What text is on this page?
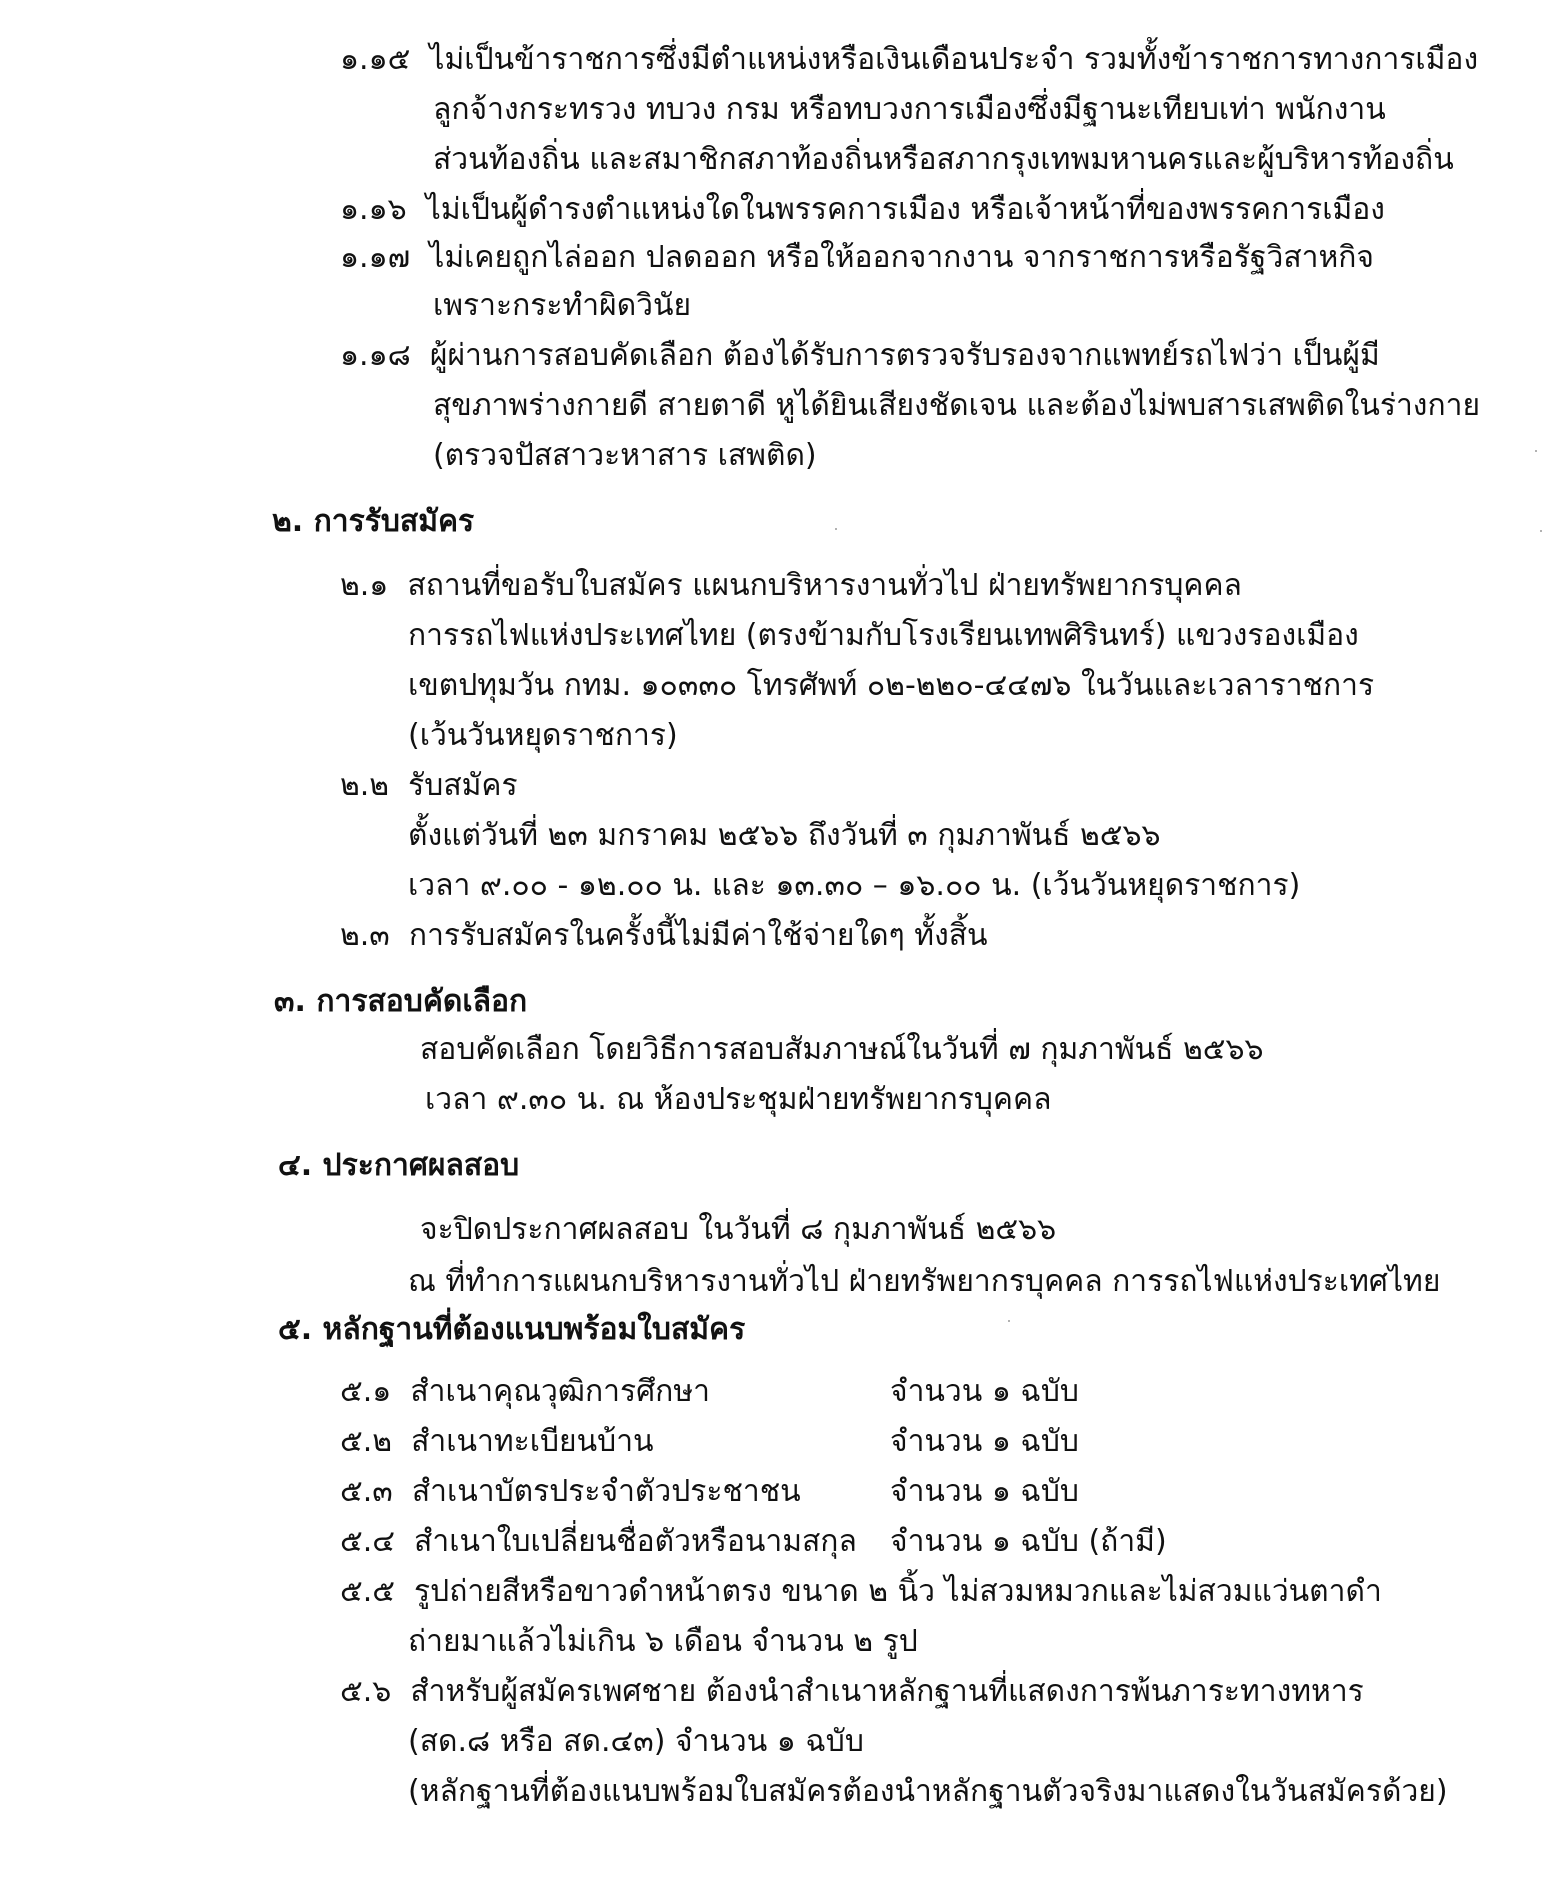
๑.๑๕ ไม่เป็นข้าราชการซึ่งมีตำแหน่งหรือเงินเดือนประจำ รวมทั้งข้าราชการทางการเมือง
ลูกจ้างกระทรวง ทบวง กรม หรือทบวงการเมืองซึ่งมีฐานะเทียบเท่า พนักงาน
ส่วนท้องถิ่น และสมาชิกสภาท้องถิ่นหรือสภากรุงเทพมหานครและผู้บริหารท้องถิ่น
๑.๑๖ ไม่เป็นผู้ดำรงตำแหน่งใดในพรรคการเมือง หรือเจ้าหน้าที่ของพรรคการเมือง
๑.๑๗ ไม่เคยถูกไล่ออก ปลดออก หรือให้ออกจากงาน จากราชการหรือรัฐวิสาหกิจ
เพราะกระทำผิดวินัย
๑.๑๘ ผู้ผ่านการสอบคัดเลือก ต้องได้รับการตรวจรับรองจากแพทย์รถไฟว่า เป็นผู้มี
สุขภาพร่างกายดี สายตาดี หูได้ยินเสียงชัดเจน และต้องไม่พบสารเสพติดในร่างกาย
(ตรวจปัสสาวะหาสาร เสพติด)
๒. การรับสมัคร
๒.๑ สถานที่ขอรับใบสมัคร แผนกบริหารงานทั่วไป ฝ่ายทรัพยากรบุคคล
การรถไฟแห่งประเทศไทย (ตรงข้ามกับโรงเรียนเทพศิรินทร์) แขวงรองเมือง
เขตปทุมวัน กทม. ๑๐๓๓๐ โทรศัพท์ ๐๒-๒๒๐-๔๔๗๖ ในวันและเวลาราชการ
(เว้นวันหยุดราชการ)
๒.๒ รับสมัคร
ตั้งแต่วันที่ ๒๓ มกราคม ๒๕๖๖ ถึงวันที่ ๓ กุมภาพันธ์ ๒๕๖๖
เวลา ๙.๐๐ - ๑๒.๐๐ น. และ ๑๓.๓๐ – ๑๖.๐๐ น. (เว้นวันหยุดราชการ)
๒.๓ การรับสมัครในครั้งนี้ไม่มีค่าใช้จ่ายใดๆ ทั้งสิ้น
๓. การสอบคัดเลือก
สอบคัดเลือก โดยวิธีการสอบสัมภาษณ์ในวันที่ ๗ กุมภาพันธ์ ๒๕๖๖
เวลา ๙.๓๐ น. ณ ห้องประชุมฝ่ายทรัพยากรบุคคล
๔. ประกาศผลสอบ
จะปิดประกาศผลสอบ ในวันที่ ๘ กุมภาพันธ์ ๒๕๖๖
ณ ที่ทำการแผนกบริหารงานทั่วไป ฝ่ายทรัพยากรบุคคล การรถไฟแห่งประเทศไทย
๕. หลักฐานที่ต้องแนบพร้อมใบสมัคร
๕.๑ สำเนาคุณวุฒิการศึกษา	จำนวน ๑ ฉบับ
๕.๒ สำเนาทะเบียนบ้าน	จำนวน ๑ ฉบับ
๕.๓ สำเนาบัตรประจำตัวประชาชน	จำนวน ๑ ฉบับ
๕.๔ สำเนาใบเปลี่ยนชื่อตัวหรือนามสกุล จำนวน ๑ ฉบับ (ถ้ามี)
๕.๕ รูปถ่ายสีหรือขาวดำหน้าตรง ขนาด ๒ นิ้ว ไม่สวมหมวกและไม่สวมแว่นตาดำ
ถ่ายมาแล้วไม่เกิน ๖ เดือน จำนวน ๒ รูป
๕.๖ สำหรับผู้สมัครเพศชาย ต้องนำสำเนาหลักฐานที่แสดงการพ้นภาระทางทหาร
(สด.๘ หรือ สด.๔๓) จำนวน ๑ ฉบับ
(หลักฐานที่ต้องแนบพร้อมใบสมัครต้องนำหลักฐานตัวจริงมาแสดงในวันสมัครด้วย)
